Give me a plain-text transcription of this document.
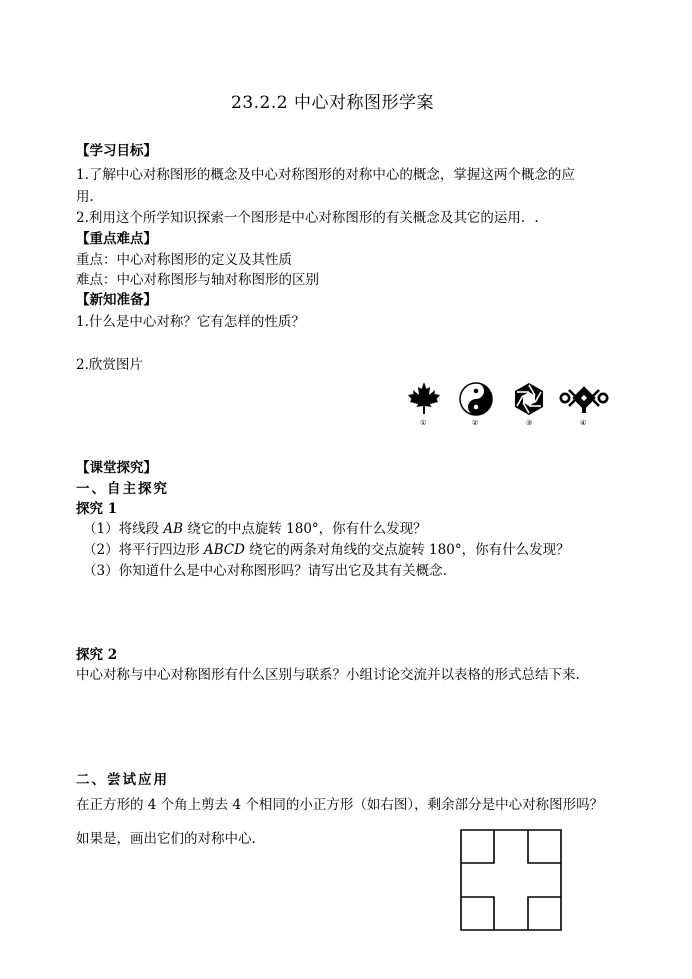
23.2.2 中心对称图形学案
【学习目标】
1.了解中心对称图形的概念及中心对称图形的对称中心的概念，掌握这两个概念的应
用.
2.利用这个所学知识探索一个图形是中心对称图形的有关概念及其它的运用．.
【重点难点】
重点：中心对称图形的定义及其性质
难点：中心对称图形与轴对称图形的区别
【新知准备】
1.什么是中心对称？它有怎样的性质？
2.欣赏图片
①	②	③	④
【课堂探究】
一、自主探究
探究 1
（1）将线段 AB 绕它的中点旋转 180°，你有什么发现？
（2）将平行四边形 ABCD 绕它的两条对角线的交点旋转 180°，你有什么发现？
（3）你知道什么是中心对称图形吗？请写出它及其有关概念.
探究 2
中心对称与中心对称图形有什么区别与联系？小组讨论交流并以表格的形式总结下来.
二、尝试应用
在正方形的 4 个角上剪去 4 个相同的小正方形（如右图），剩余部分是中心对称图形吗？
如果是，画出它们的对称中心.
